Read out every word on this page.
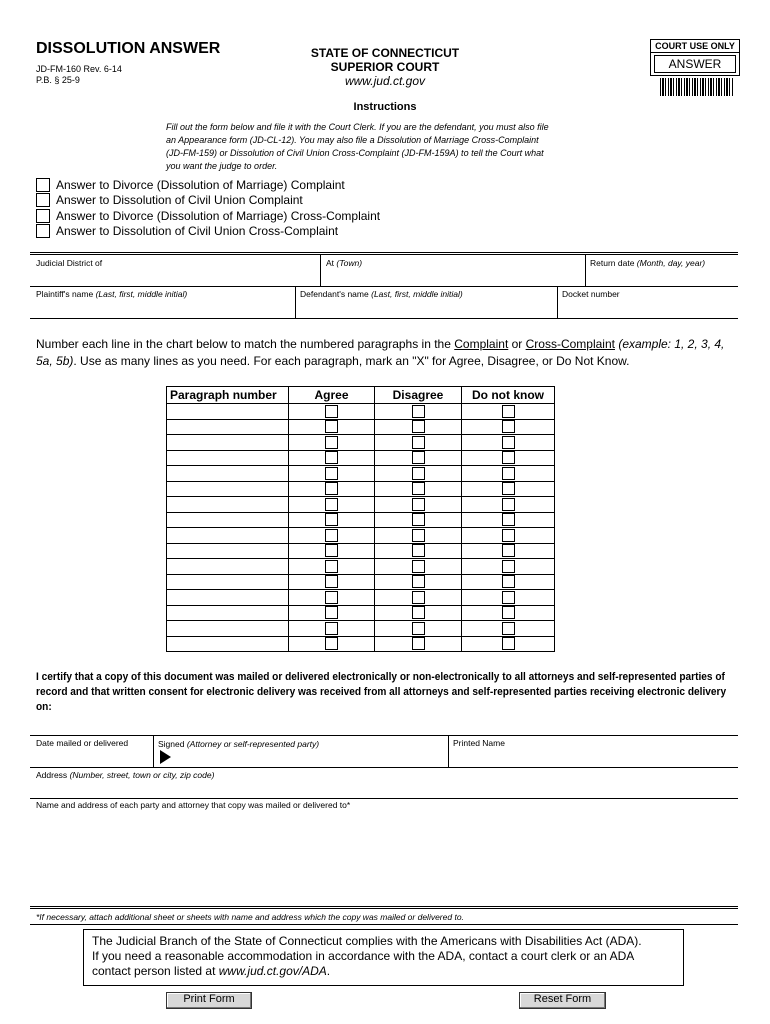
DISSOLUTION ANSWER
JD-FM-160 Rev. 6-14
P.B. § 25-9
STATE OF CONNECTICUT
SUPERIOR COURT
www.jud.ct.gov
COURT USE ONLY
ANSWER
Instructions
Fill out the form below and file it with the Court Clerk. If you are the defendant, you must also file
an Appearance form (JD-CL-12). You may also file a Dissolution of Marriage Cross-Complaint
(JD-FM-159) or Dissolution of Civil Union Cross-Complaint (JD-FM-159A) to tell the Court what
you want the judge to order.
Answer to Divorce (Dissolution of Marriage) Complaint
Answer to Dissolution of Civil Union Complaint
Answer to Divorce (Dissolution of Marriage) Cross-Complaint
Answer to Dissolution of Civil Union Cross-Complaint
Judicial District of	At (Town)	Return date (Month, day, year)
Plaintiff's name (Last, first, middle initial)	Defendant's name (Last, first, middle initial)	Docket number
Number each line in the chart below to match the numbered paragraphs in the Complaint or Cross-Complaint (example: 1, 2, 3, 4, 5a, 5b). Use as many lines as you need. For each paragraph, mark an "X" for Agree, Disagree, or Do Not Know.
Paragraph number	Agree	Disagree	Do not know

I certify that a copy of this document was mailed or delivered electronically or non-electronically to all attorneys and self-represented parties of record and that written consent for electronic delivery was received from all attorneys and self-represented parties receiving electronic delivery on:
Date mailed or delivered	Signed (Attorney or self-represented party)	Printed Name
Address (Number, street, town or city, zip code)
Name and address of each party and attorney that copy was mailed or delivered to*
*If necessary, attach additional sheet or sheets with name and address which the copy was mailed or delivered to.
The Judicial Branch of the State of Connecticut complies with the Americans with Disabilities Act (ADA).
If you need a reasonable accommodation in accordance with the ADA, contact a court clerk or an ADA
contact person listed at www.jud.ct.gov/ADA.
Print Form	Reset Form
